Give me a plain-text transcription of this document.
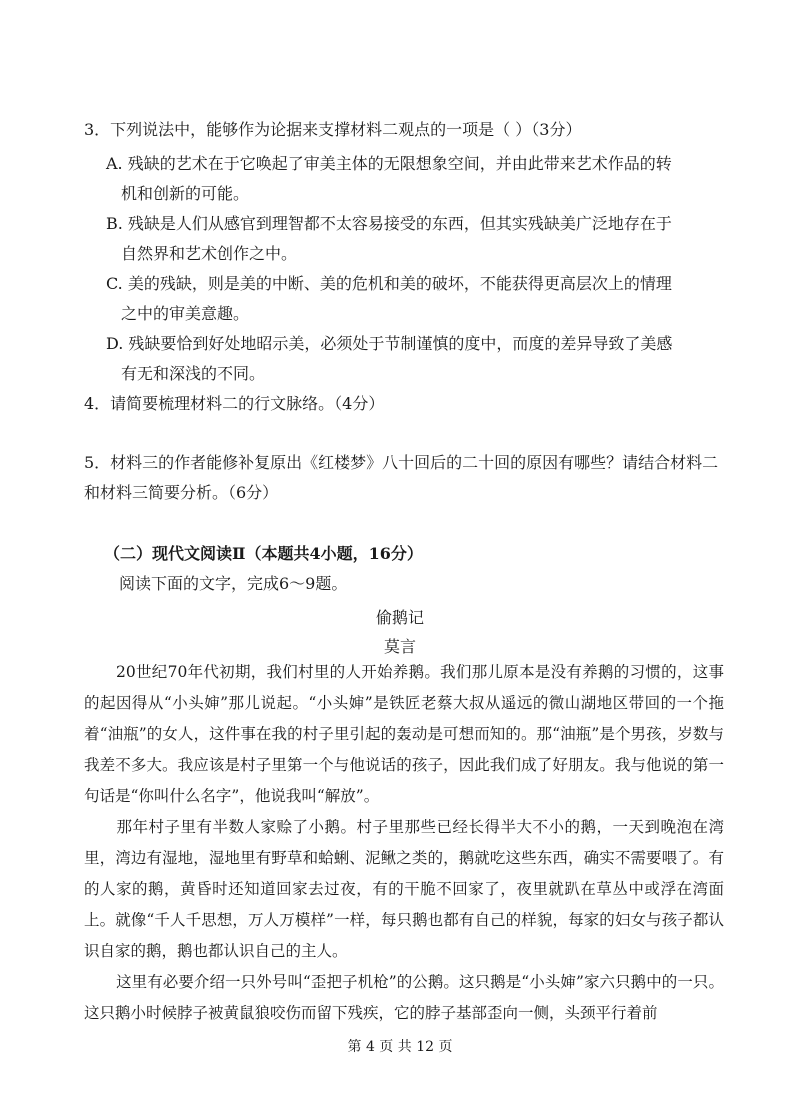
3．下列说法中，能够作为论据来支撑材料二观点的一项是（ ）（3分）
A. 残缺的艺术在于它唤起了审美主体的无限想象空间，并由此带来艺术作品的转
机和创新的可能。
B. 残缺是人们从感官到理智都不太容易接受的东西，但其实残缺美广泛地存在于
自然界和艺术创作之中。
C. 美的残缺，则是美的中断、美的危机和美的破坏，不能获得更高层次上的情理
之中的审美意趣。
D. 残缺要恰到好处地昭示美，必须处于节制谨慎的度中，而度的差异导致了美感
有无和深浅的不同。
4．请简要梳理材料二的行文脉络。（4分）
5．材料三的作者能修补复原出《红楼梦》八十回后的二十回的原因有哪些？请结合材料二
和材料三简要分析。（6分）
（二）现代文阅读Ⅱ（本题共4小题，16分）
阅读下面的文字，完成6～9题。
偷鹅记
莫言
20世纪70年代初期，我们村里的人开始养鹅。我们那儿原本是没有养鹅的习惯的，这事的起因得从“小头婶”那儿说起。“小头婶”是铁匠老蔡大叔从遥远的微山湖地区带回的一个拖着“油瓶”的女人，这件事在我的村子里引起的轰动是可想而知的。那“油瓶”是个男孩，岁数与我差不多大。我应该是村子里第一个与他说话的孩子，因此我们成了好朋友。我与他说的第一句话是“你叫什么名字”，他说我叫“解放”。
那年村子里有半数人家赊了小鹅。村子里那些已经长得半大不小的鹅，一天到晚泡在湾里，湾边有湿地，湿地里有野草和蛤蜊、泥鳅之类的，鹅就吃这些东西，确实不需要喂了。有的人家的鹅，黄昏时还知道回家去过夜，有的干脆不回家了，夜里就趴在草丛中或浮在湾面上。就像“千人千思想，万人万模样”一样，每只鹅也都有自己的样貌，每家的妇女与孩子都认识自家的鹅，鹅也都认识自己的主人。
这里有必要介绍一只外号叫“歪把子机枪”的公鹅。这只鹅是“小头婶”家六只鹅中的一只。这只鹅小时候脖子被黄鼠狼咬伤而留下残疾，它的脖子基部歪向一侧，头颈平行着前
第 4 页 共 12 页
